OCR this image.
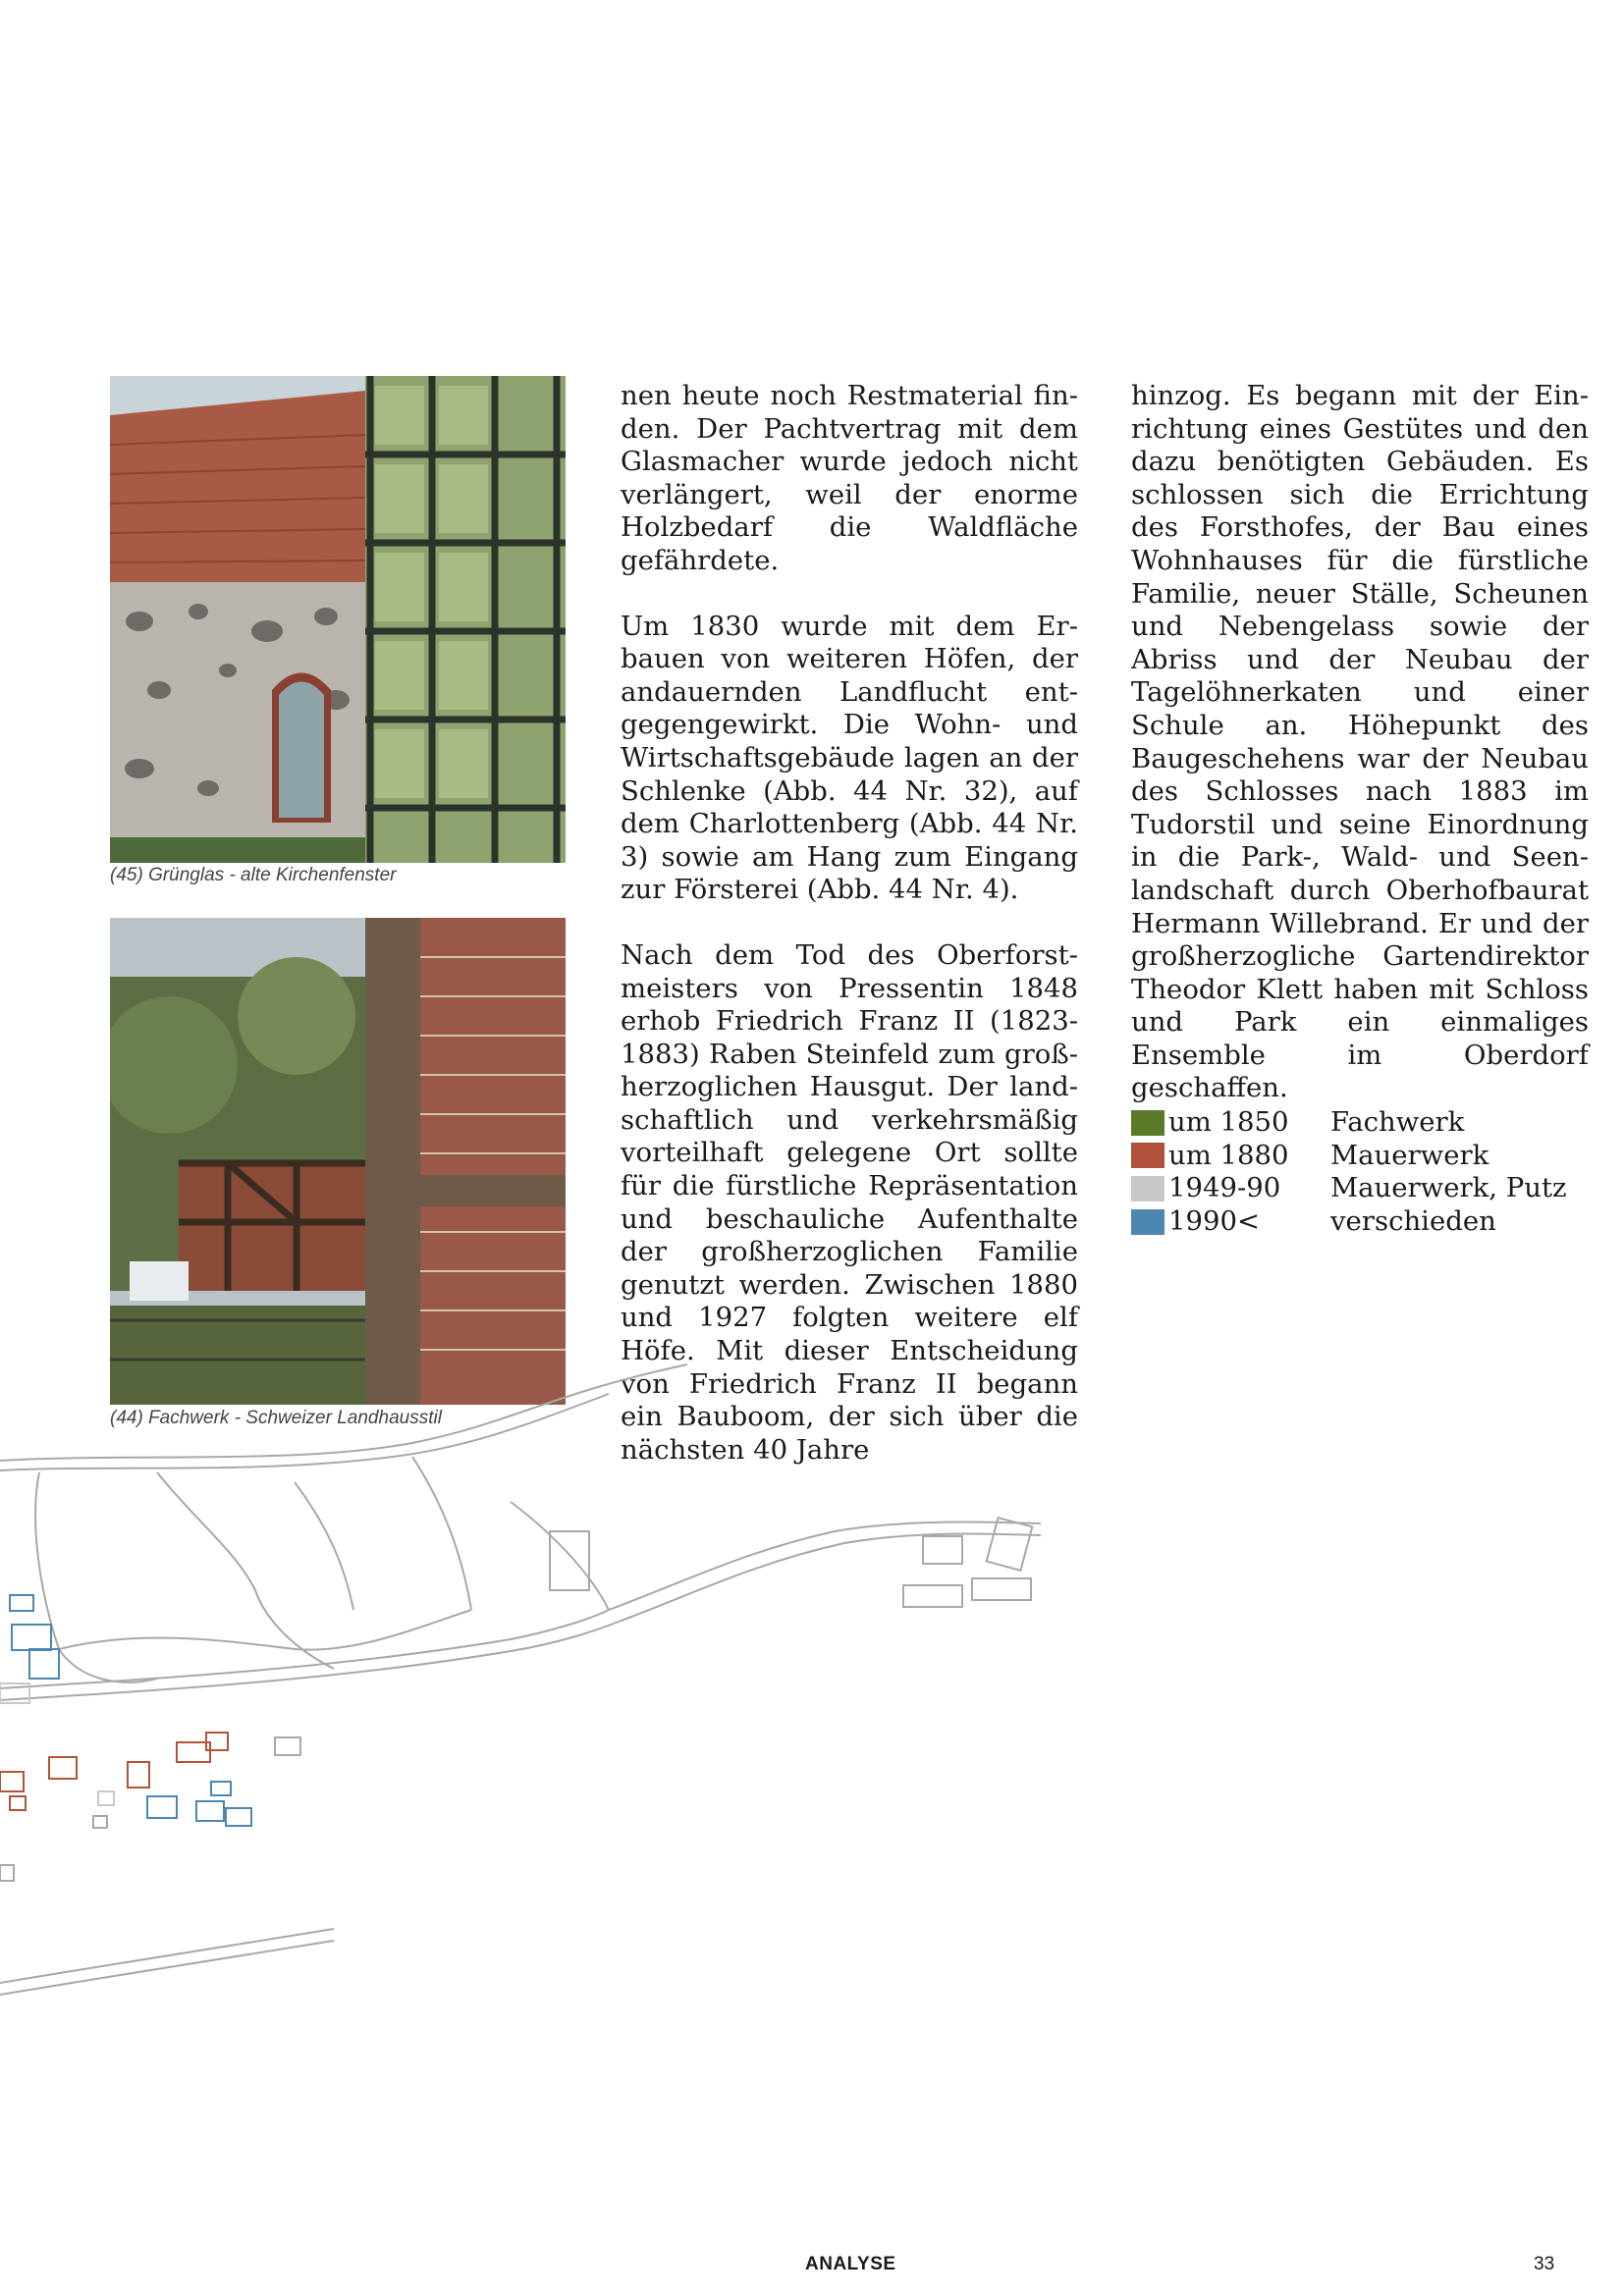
(45) Grünglas - alte Kirchenfenster
(44) Fachwerk - Schweizer Landhausstil

nen heute noch Restmaterial finden. Der Pachtvertrag mit dem Glasmacher wurde jedoch nicht verlängert, weil der enorme Holzbedarf die Waldfläche gefährdete.

Um 1830 wurde mit dem Erbauen von weiteren Höfen, der andauernden Landflucht entgegengewirkt. Die Wohn- und Wirtschaftsgebäude lagen an der Schlenke (Abb. 44 Nr. 32), auf dem Charlottenberg (Abb. 44 Nr. 3) sowie am Hang zum Eingang zur Försterei (Abb. 44 Nr. 4).

Nach dem Tod des Oberforstmeisters von Pressentin 1848 erhob Friedrich Franz II (1823-1883) Raben Steinfeld zum großherzoglichen Hausgut. Der landschaftlich und verkehrsmäßig vorteilhaft gelegene Ort sollte für die fürstliche Repräsentation und beschauliche Aufenthalte der großherzoglichen Familie genutzt werden. Zwischen 1880 und 1927 folgten weitere elf Höfe. Mit dieser Entscheidung von Friedrich Franz II begann ein Bauboom, der sich über die nächsten 40 Jahre

hinzog. Es begann mit der Einrichtung eines Gestütes und den dazu benötigten Gebäuden. Es schlossen sich die Errichtung des Forsthofes, der Bau eines Wohnhauses für die fürstliche Familie, neuer Ställe, Scheunen und Nebengelass sowie der Abriss und der Neubau der Tagelöhnerkaten und einer Schule an. Höhepunkt des Baugeschehens war der Neubau des Schlosses nach 1883 im Tudorstil und seine Einordnung in die Park-, Wald- und Seenlandschaft durch Oberhofbaurat Hermann Willebrand. Er und der großherzogliche Gartendirektor Theodor Klett haben mit Schloss und Park ein einmaliges Ensemble im Oberdorf geschaffen.

um 1850	Fachwerk
um 1880	Mauerwerk
1949-90	Mauerwerk, Putz
1990<	verschieden
ANALYSE	33
